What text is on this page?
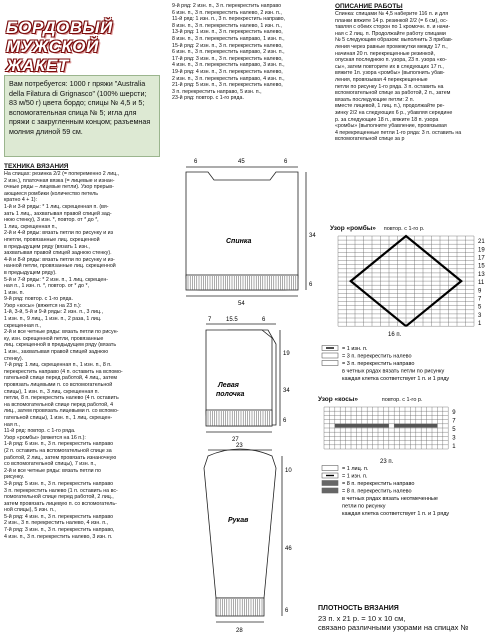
БОРДОВЫЙ
МУЖСКОЙ
ЖАКЕТ
Вам потребуется: 1000 г пряжи "Australia della Filatura di Grignasco" (100% шерсти; 83 м/50 г) цвета бордо; спицы № 4,5 и 5; вспомогательная спица № 5; игла для пряжи с закругленным концом; разъемная молния длиной 59 см.
ТЕХНИКА ВЯЗАНИЯ
На спицах: резинка 2/2 (= попеременно 2 лиц.,
2 изн.), платочная вязка (= лицевые и изнан-
очные ряды – лицевые петли). Узор прерыв-
ающиеся ромбики (количество петель
кратно 4 + 1):
1-й и 3-й ряды: * 1 лиц. скрещенная п. (вя-
зать 1 лиц., захватывая правой спицей зад-
нюю стенку), 3 изн. *, повтор. от * до *,
1 лиц. скрещенная п.,
2-й и 4-й ряды: вязать петли по рисунку и из
нпетли, провязанные лиц. скрещенной
в предыдущем ряду (вязать 1 изн.,
захватывая правой спицей заднюю стенку).
4-й и 8-й ряды: вязать петли по рисунку и из-
нанной петли, провязанные лиц. скрещенной
в предыдущем ряду).
5-й и 7-й ряды: * 2 изн. п., 1 лиц. скрещен-
ная п., 1 изн. п. *, повтор. от * до *,
1 изн. п.
9-й ряд: повтор. с 1-го ряда.
Узор «косы» (вяжется на 23 п.):
1-й, 3-й, 5-й и 9-й ряды: 2 изн. п., 3 лиц.,
1 изн. п., 9 лиц., 1 изн. п., 2 раза, 1 лиц.
скрещенная п.,
2-й и все четные ряды: вязать петли по рисун-
ку, изн. скрещенной петли, провязанные
лиц. скрещенной в предыдущем ряду (вязать
1 изн., захватывая правой спицей заднюю
стенку).
7-й ряд: 1 лиц. скрещенная п., 1 изн. п., 8 п.
перекрестить направо (4 п. оставить на вспомо-
гательной спице перед работой, 4 лиц., затем
провязать лицевыми п. со вспомогательной
спицы), 1 изн. п., 3 лиц. скрещенная п.
петли, 8 п. перекрестить налево (4 п. оставить
на вспомогательной спице перед работой, 4
лиц., затем провязать лицевыми п. со вспомо-
гательной спицы), 1 изн. п., 1 лиц. скрещен-
ная п.,
11-й ряд: повтор. с 1-го ряда.
Узор «ромбы» (вяжется на 16 п.):
1-й ряд: 6 изн. п., 3 п. перекрестить направо
(2 п. оставить на вспомогательной спице за
работой, 2 лиц., затем провязать изнаночную
со вспомогательной спицы), 7 изн. п.,
2-й и все четные ряды: вязать петли по
рисунку.
3-й ряд: 5 изн. п., 3 п. перекрестить направо
3 п. перекрестить налево (1 п. оставить на вс-
помогательной спице перед работой, 2 лиц.,
затем провязать лицевую п. со вспомогатель-
ной спицы), 5 изн. п.,
5-й ряд: 4 изн. п., 3 п. перекрестить направо
2 изн., 3 п. перекрестить налево, 4 изн. п.,
7-й ряд: 3 изн. п., 3 п. перекрестить направо,
4 изн. п., 3 п. перекрестить налево, 3 изн. п.
9-й ряд: 2 изн. п., 3 п. перекрестить направо
6 изн. п., 3 п. перекрестить налево, 2 изн. п.,
11-й ряд: 1 изн. п., 3 п. перекрестить направо,
8 изн. п., 3 п. перекрестить налево, 1 изн. п.,
13-й ряд: 1 изн. п., 3 п. перекрестить налево,
8 изн. п., 3 п. перекрестить направо, 1 изн. п.,
15-й ряд: 2 изн. п., 3 п. перекрестить налево,
6 изн. п., 3 п. перекрестить направо, 2 изн. п.,
17-й ряд: 3 изн. п., 3 п. перекрестить налево,
4 изн. п., 3 п. перекрестить направо, 3 изн. п.,
19-й ряд: 4 изн. п., 3 п. перекрестить налево,
2 изн. п., 3 п. перекрестить направо, 4 изн. п.,
21-й ряд: 5 изн. п., 3 п. перекрестить налево,
3 п. перекрестить направо, 5 изн. п.,
23-й ряд: повтор. с 1-го ряда.
ОПИСАНИЕ РАБОТЫ
Спинка: спицами № 4,5 наберите 116 п. и для
планки вяжите 14 р. резинкой 2/2 (= 6 см), ос-
тавляя с обеих сторон по 1 кромочн. п. и начи-
ная с 2 лиц. п. Продолжайте работу спицами
№ 5 следующим образом: выполнить 3 прибав-
ления через равные промежутки между 17 п.,
начиная 20 п. перекрещенные резинкой,
опуская последнюю п. узора, 23 п. узора «ко-
сы», затем повторите их в следующих 17 п.,
вяжите 1п. узора «ромбы» (выполнить убав-
ления, провязывая 4 перекрещенные
петли по рисунку 1-го ряда. 3 п. оставить на
вспомогательной спице за работой, 2 п., затем
вязать последующие петли: 2 п.
вместе лицевой, 1 лиц. п.), продолжайте ре-
зинку 2/2 на следующих 6 р., убавляя середине
р. за следующие 18 п., вяжите 18 п. узора
«ромбы» (выполните убавление, провязывая
4 перекрещенные петли 1-го ряда: 3 п. оставить на
вспомогательной спице за р
6	45	6
34
6
54
Спинка
7 15.5	6
19
34
6
27
Левая
полочка
23
10
46
6
28
Рукав
Узор «ромбы» повтор. с 1-го р.
21
19
17
15
13
11
9
7
5
3
1
16 п.
= 1 изн. п.
= 3 п. перекрестить налево
= 3 п. перекрестить направо
в четных рядах вязать петли по рисунку
каждая клетка соответствует 1 п. и 1 ряду
Узор «косы»	повтор. с 1-го р.
9
7
5
3
1
23 п.
= 1 лиц. п.
= 1 изн. п.
= 8 п. перекрестить направо
= 8 п. перекрестить налево
в четных рядах вязать неотмеченные
петли по рисунку
каждая клетка соответствует 1 п. и 1 ряду
ПЛОТНОСТЬ ВЯЗАНИЯ
23 п. x 21 р. = 10 x 10 см,
связано различными узорами на спицах №
